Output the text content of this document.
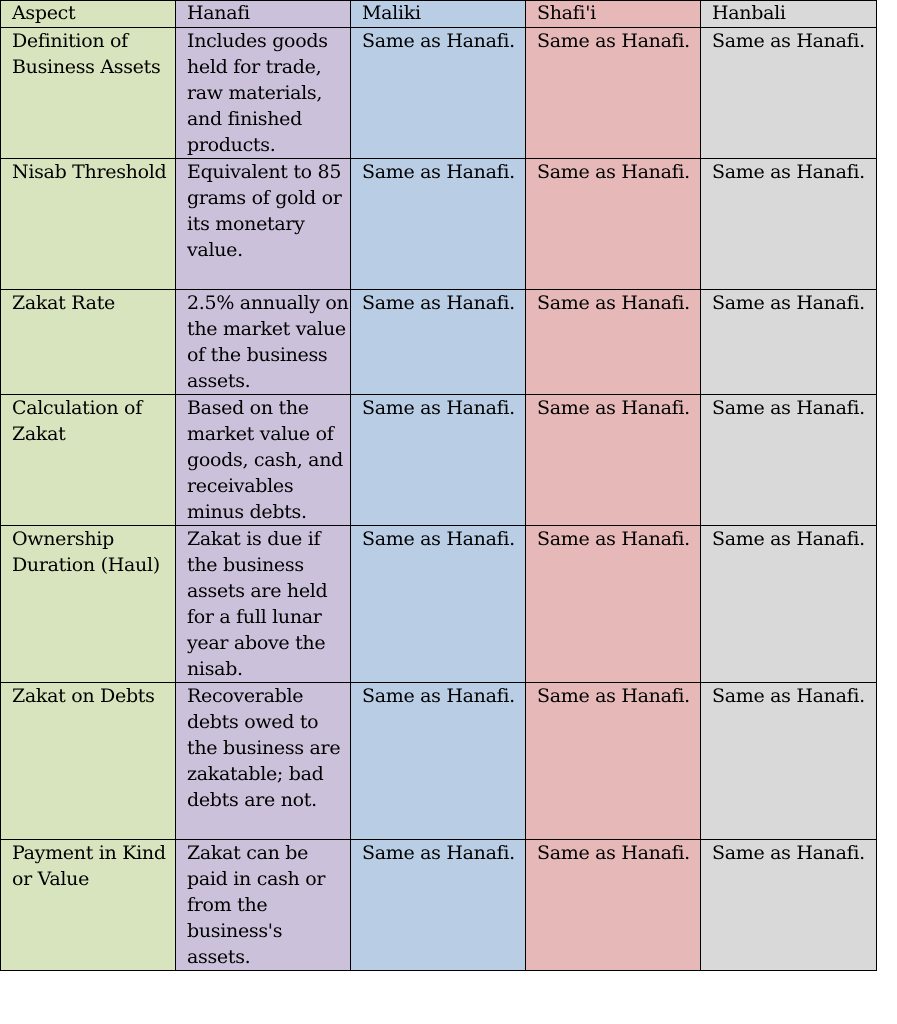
Aspect	Hanafi	Maliki	Shafi'i	Hanbali

Definition of Business Assets	Includes goods held for trade, raw materials, and finished products.	Same as Hanafi.	Same as Hanafi.	Same as Hanafi.

Nisab Threshold	Equivalent to 85 grams of gold or its monetary value.	Same as Hanafi.	Same as Hanafi.	Same as Hanafi.

Zakat Rate	2.5% annually on the market value of the business assets.	Same as Hanafi.	Same as Hanafi.	Same as Hanafi.

Calculation of Zakat	Based on the market value of goods, cash, and receivables minus debts.	Same as Hanafi.	Same as Hanafi.	Same as Hanafi.

Ownership Duration (Haul)	Zakat is due if the business assets are held for a full lunar year above the nisab.	Same as Hanafi.	Same as Hanafi.	Same as Hanafi.

Zakat on Debts	Recoverable debts owed to the business are zakatable; bad debts are not.	Same as Hanafi.	Same as Hanafi.	Same as Hanafi.

Payment in Kind or Value	Zakat can be paid in cash or from the business's assets.	Same as Hanafi.	Same as Hanafi.	Same as Hanafi.
